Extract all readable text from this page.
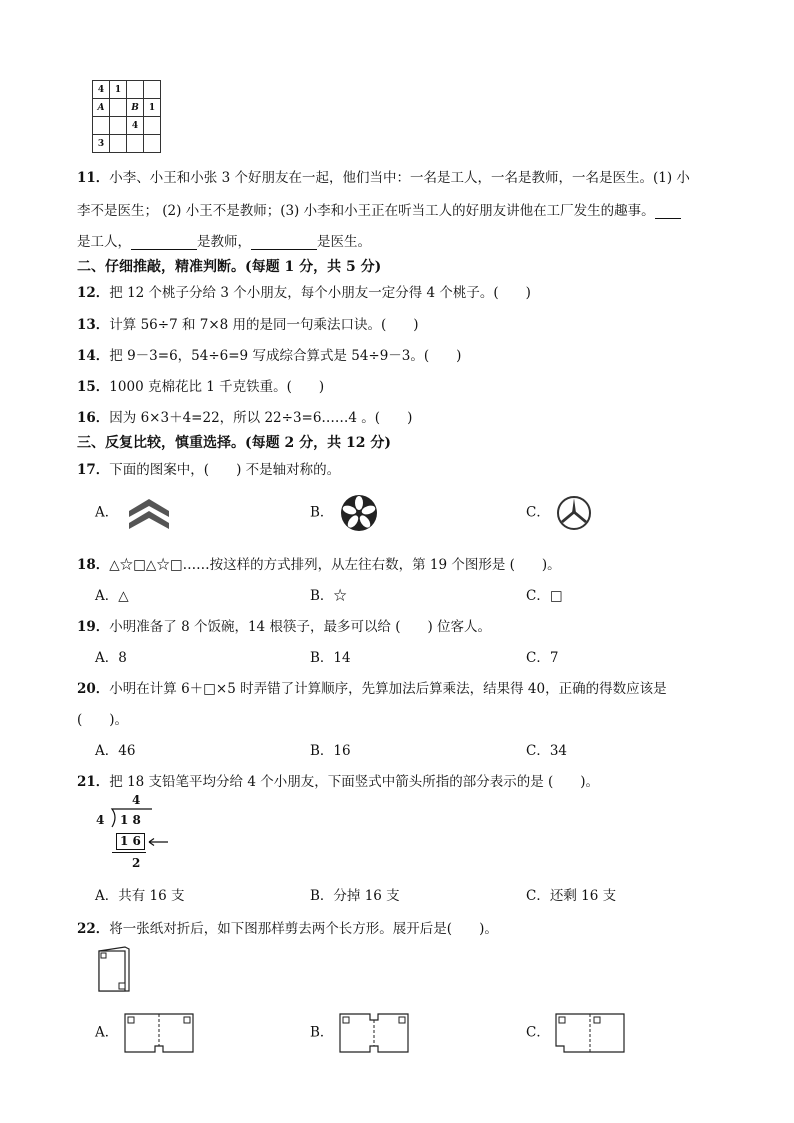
4	1		
A		B	1
		4	
3			
11．小李、小王和小张 3 个好朋友在一起，他们当中：一名是工人，一名是教师，一名是医生。(1) 小
李不是医生； (2) 小王不是教师；(3) 小李和小王正在听当工人的好朋友讲他在工厂发生的趣事。
是工人，	是教师，	是医生。
二、仔细推敲，精准判断。(每题 1 分，共 5 分)
12．把 12 个桃子分给 3 个小朋友，每个小朋友一定分得 4 个桃子。(　　)
13．计算 56÷7 和 7×8 用的是同一句乘法口诀。(　　)
14．把 9－3=6，54÷6=9 写成综合算式是 54÷9－3。(　　)
15．1000 克棉花比 1 千克铁重。(　　)
16．因为 6×3＋4=22，所以 22÷3=6……4 。(　　)
三、反复比较，慎重选择。(每题 2 分，共 12 分)
17．下面的图案中，(　　) 不是轴对称的。
A．	B．	C．
18．△☆□△☆□……按这样的方式排列，从左往右数，第 19 个图形是 (　　)。
A．△	B．☆	C．□
19．小明准备了 8 个饭碗，14 根筷子，最多可以给 (　　) 位客人。
A．8	B．14	C．7
20．小明在计算 6＋□×5 时弄错了计算顺序，先算加法后算乘法，结果得 40，正确的得数应该是
(　　)。
A．46	B．16	C．34
21．把 18 支铅笔平均分给 4 个小朋友，下面竖式中箭头所指的部分表示的是 (　　)。
4
4 1 8
1 6
2
A．共有 16 支	B．分掉 16 支	C．还剩 16 支
22．将一张纸对折后，如下图那样剪去两个长方形。展开后是(　　)。
A．	B．	C．
